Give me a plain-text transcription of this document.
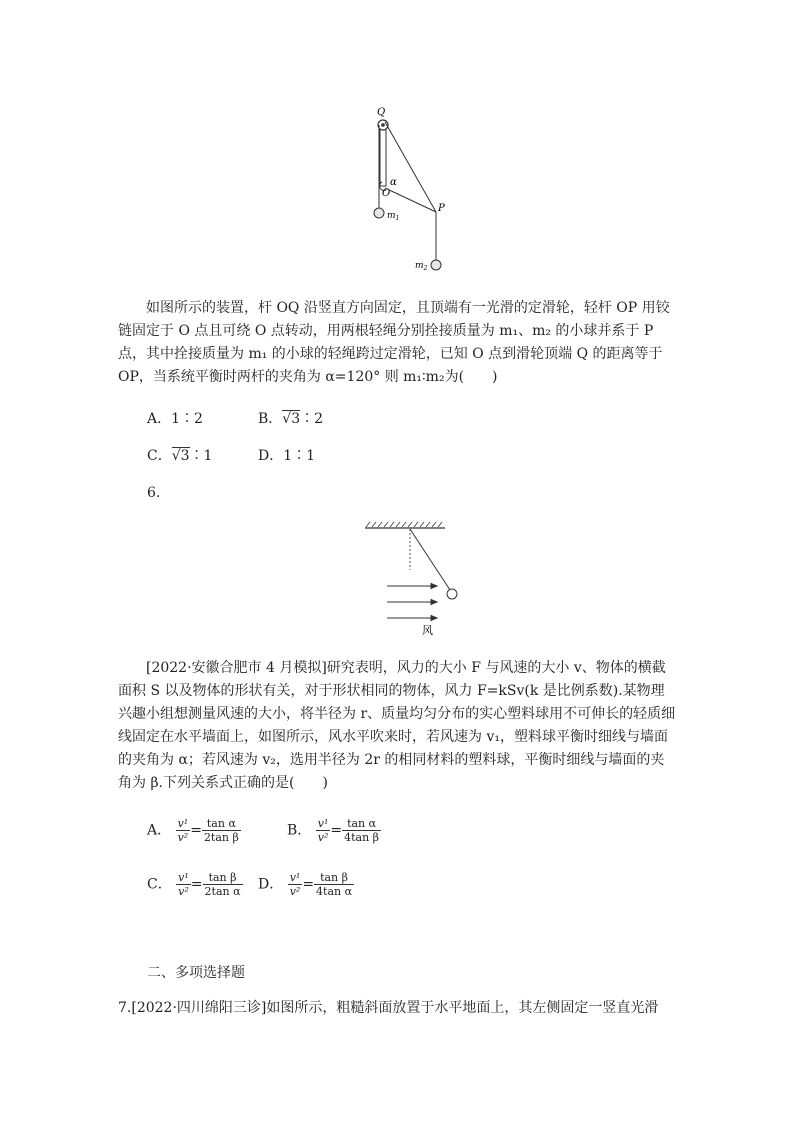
Q
O
$m_1$
α
P
$m_2$

如图所示的装置，杆 OQ 沿竖直方向固定，且顶端有一光滑的定滑轮，轻杆 OP 用铰链固定于 O 点且可绕 O 点转动，用两根轻绳分别拴接质量为 m₁、m₂ 的小球并系于 P 点，其中拴接质量为 m₁ 的小球的轻绳跨过定滑轮，已知 O 点到滑轮顶端 Q 的距离等于 OP，当系统平衡时两杆的夹角为 α=120° 则 m₁∶m₂为(　　)

A．1∶2	B．√3∶2
C．√3∶1	D．1∶1
6.
风

[2022·安徽合肥市 4 月模拟]研究表明，风力的大小 F 与风速的大小 v、物体的横截面积 S 以及物体的形状有关，对于形状相同的物体，风力 F=kSv(k 是比例系数).某物理兴趣小组想测量风速的大小，将半径为 r、质量均匀分布的实心塑料球用不可伸长的轻质细线固定在水平墙面上，如图所示，风水平吹来时，若风速为 v₁，塑料球平衡时细线与墙面的夹角为 α；若风速为 v₂，选用半径为 2r 的相同材料的塑料球，平衡时细线与墙面的夹角为 β.下列关系式正确的是(　　)

A． $\frac{\text{v¹}}{\text{v²}} = \frac{\text{tan α}}{\text{2tan β}}$	B． $\frac{\text{v¹}}{\text{v²}} = \frac{\text{tan α}}{\text{4tan β}}$
C． $\frac{\text{v¹}}{\text{v²}} = \frac{\text{tan β}}{\text{2tan α}}$ D． $\frac{\text{v¹}}{\text{v²}} = \frac{\text{tan β}}{\text{4tan α}}$
二、多项选择题
7.[2022·四川绵阳三诊]如图所示，粗糙斜面放置于水平地面上，其左侧固定一竖直光滑
